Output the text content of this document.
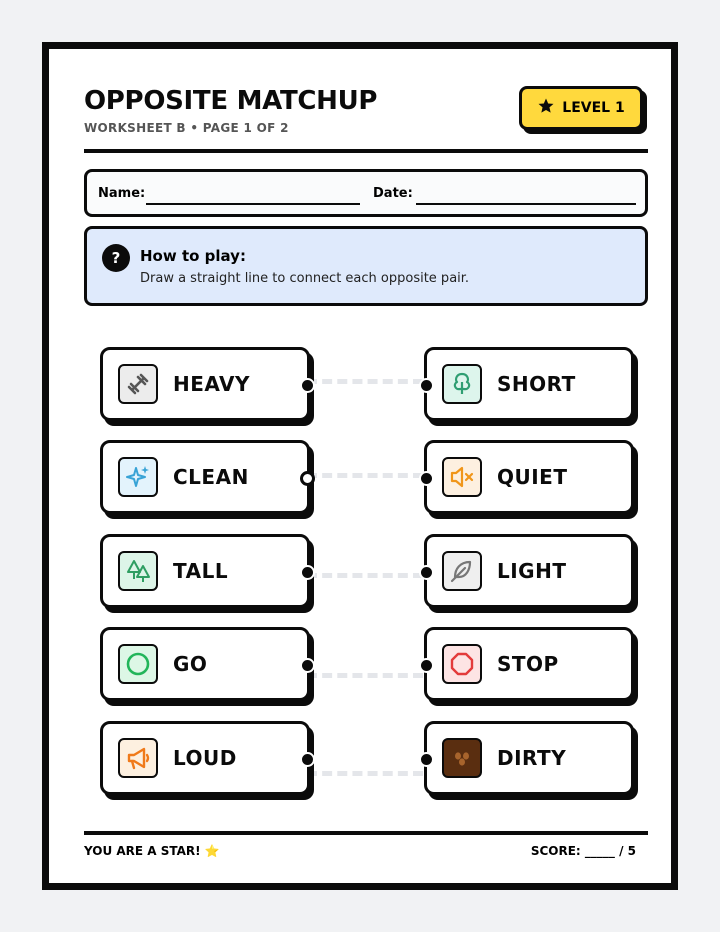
OPPOSITE MATCHUP
WORKSHEET B • PAGE 1 OF 2
LEVEL 1
Name:	Date:
?	How to play:
Draw a straight line to connect each opposite pair.
HEAVY
CLEAN
TALL
GO
LOUD
SHORT
QUIET
LIGHT
STOP
DIRTY
YOU ARE A STAR! ⭐	SCORE: _____ / 5
